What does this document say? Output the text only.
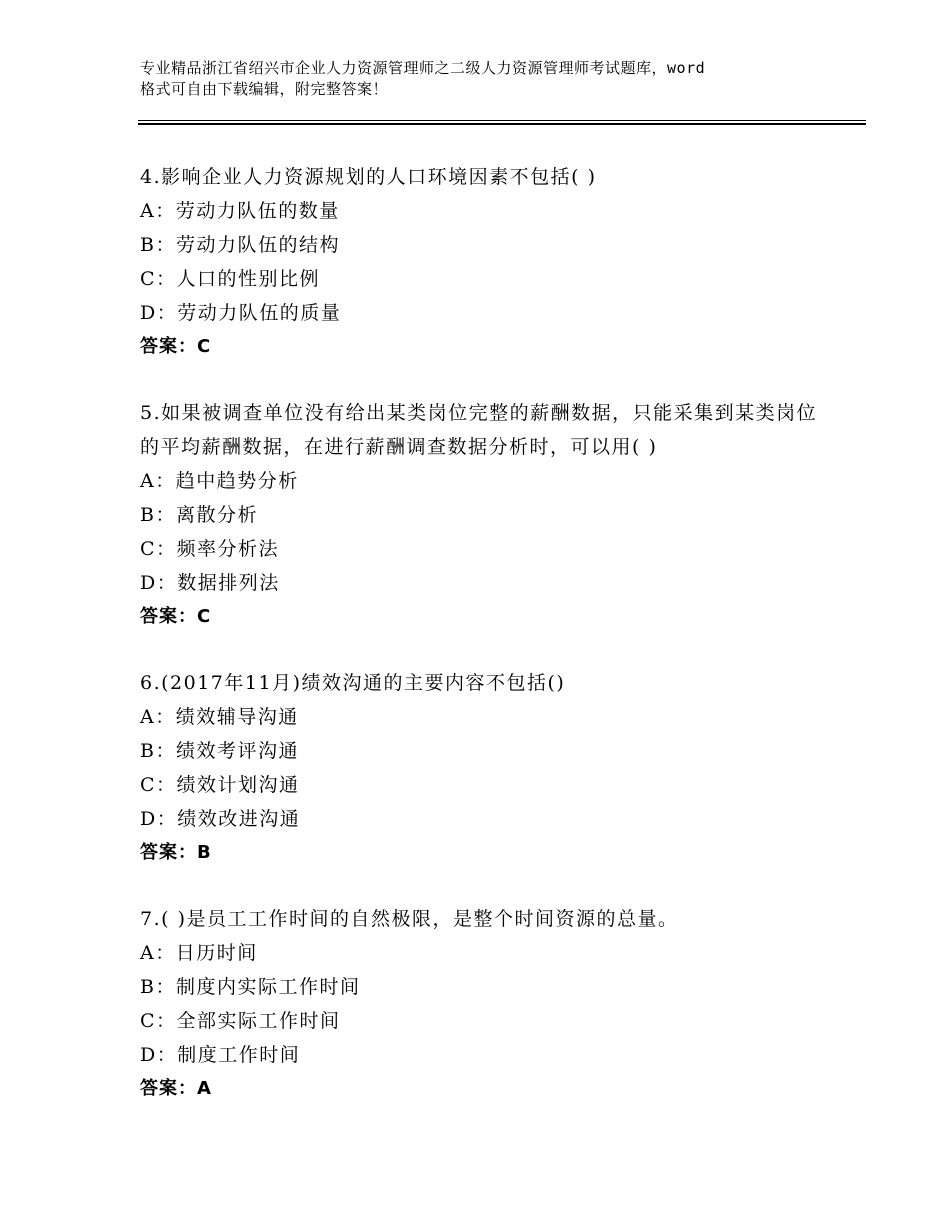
专业精品浙江省绍兴市企业人力资源管理师之二级人力资源管理师考试题库，word
格式可自由下载编辑，附完整答案！
4.影响企业人力资源规划的人口环境因素不包括( )
A：劳动力队伍的数量
B：劳动力队伍的结构
C：人口的性别比例
D：劳动力队伍的质量
答案：C
5.如果被调查单位没有给出某类岗位完整的薪酬数据，只能采集到某类岗位的平均薪酬数据，在进行薪酬调查数据分析时，可以用( )
A：趋中趋势分析
B：离散分析
C：频率分析法
D：数据排列法
答案：C
6.(2017年11月)绩效沟通的主要内容不包括()
A：绩效辅导沟通
B：绩效考评沟通
C：绩效计划沟通
D：绩效改进沟通
答案：B
7.( )是员工工作时间的自然极限，是整个时间资源的总量。
A：日历时间
B：制度内实际工作时间
C：全部实际工作时间
D：制度工作时间
答案：A
